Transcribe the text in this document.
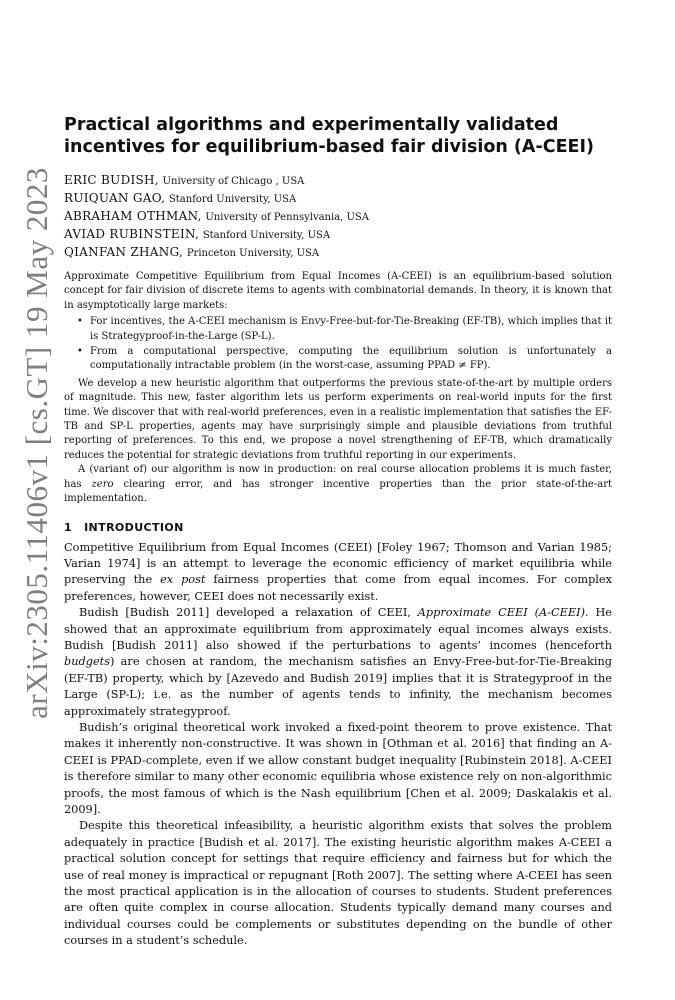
arXiv:2305.11406v1 [cs.GT] 19 May 2023
Practical algorithms and experimentally validated
incentives for equilibrium-based fair division (A-CEEI)
ERIC BUDISH, University of Chicago , USA
RUIQUAN GAO, Stanford University, USA
ABRAHAM OTHMAN, University of Pennsylvania, USA
AVIAD RUBINSTEIN, Stanford University, USA
QIANFAN ZHANG, Princeton University, USA

Approximate Competitive Equilibrium from Equal Incomes (A-CEEI) is an equilibrium-based solution concept for fair division of discrete items to agents with combinatorial demands. In theory, it is known that in asymptotically large markets:

• For incentives, the A-CEEI mechanism is Envy-Free-but-for-Tie-Breaking (EF-TB), which implies that it is Strategyproof-in-the-Large (SP-L).
• From a computational perspective, computing the equilibrium solution is unfortunately a computationally intractable problem (in the worst-case, assuming PPAD ≠ FP).

We develop a new heuristic algorithm that outperforms the previous state-of-the-art by multiple orders of magnitude. This new, faster algorithm lets us perform experiments on real-world inputs for the first time. We discover that with real-world preferences, even in a realistic implementation that satisfies the EF-TB and SP-L properties, agents may have surprisingly simple and plausible deviations from truthful reporting of preferences. To this end, we propose a novel strengthening of EF-TB, which dramatically reduces the potential for strategic deviations from truthful reporting in our experiments.

A (variant of) our algorithm is now in production: on real course allocation problems it is much faster, has zero clearing error, and has stronger incentive properties than the prior state-of-the-art implementation.

1 INTRODUCTION

Competitive Equilibrium from Equal Incomes (CEEI) [Foley 1967; Thomson and Varian 1985; Varian 1974] is an attempt to leverage the economic efficiency of market equilibria while preserving the ex post fairness properties that come from equal incomes. For complex preferences, however, CEEI does not necessarily exist.

Budish [Budish 2011] developed a relaxation of CEEI, Approximate CEEI (A-CEEI). He showed that an approximate equilibrium from approximately equal incomes always exists. Budish [Budish 2011] also showed if the perturbations to agents’ incomes (henceforth budgets) are chosen at random, the mechanism satisfies an Envy-Free-but-for-Tie-Breaking (EF-TB) property, which by [Azevedo and Budish 2019] implies that it is Strategyproof in the Large (SP-L); i.e. as the number of agents tends to infinity, the mechanism becomes approximately strategyproof.

Budish’s original theoretical work invoked a fixed-point theorem to prove existence. That makes it inherently non-constructive. It was shown in [Othman et al. 2016] that finding an A-CEEI is PPAD-complete, even if we allow constant budget inequality [Rubinstein 2018]. A-CEEI is therefore similar to many other economic equilibria whose existence rely on non-algorithmic proofs, the most famous of which is the Nash equilibrium [Chen et al. 2009; Daskalakis et al. 2009].

Despite this theoretical infeasibility, a heuristic algorithm exists that solves the problem adequately in practice [Budish et al. 2017]. The existing heuristic algorithm makes A-CEEI a practical solution concept for settings that require efficiency and fairness but for which the use of real money is impractical or repugnant [Roth 2007]. The setting where A-CEEI has seen the most practical application is in the allocation of courses to students. Student preferences are often quite complex in course allocation. Students typically demand many courses and individual courses could be complements or substitutes depending on the bundle of other courses in a student’s schedule.
